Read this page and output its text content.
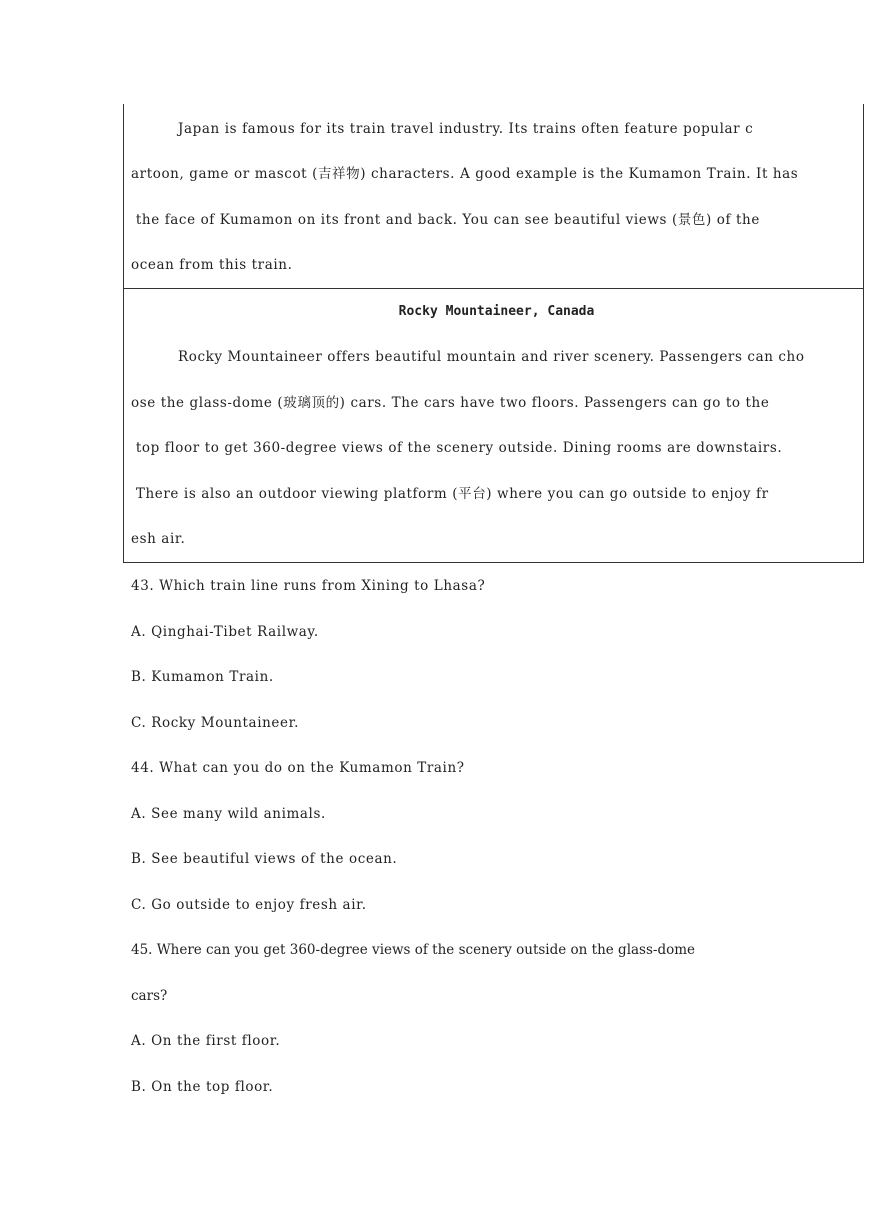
Japan is famous for its train travel industry. Its trains often feature popular c

artoon, game or mascot (吉祥物) characters. A good example is the Kumamon Train. It has

the face of Kumamon on its front and back. You can see beautiful views (景色) of the

ocean from this train.

Rocky Mountaineer, Canada

Rocky Mountaineer offers beautiful mountain and river scenery. Passengers can cho

ose the glass-dome (玻璃顶的) cars. The cars have two floors. Passengers can go to the

top floor to get 360-degree views of the scenery outside. Dining rooms are downstairs.

There is also an outdoor viewing platform (平台) where you can go outside to enjoy fr

esh air.

43. Which train line runs from Xining to Lhasa?

A. Qinghai-Tibet Railway.

B. Kumamon Train.

C. Rocky Mountaineer.

44. What can you do on the Kumamon Train?

A. See many wild animals.

B. See beautiful views of the ocean.

C. Go outside to enjoy fresh air.

45. Where can you get 360-degree views of the scenery outside on the glass-dome

cars?

A. On the first floor.

B. On the top floor.
